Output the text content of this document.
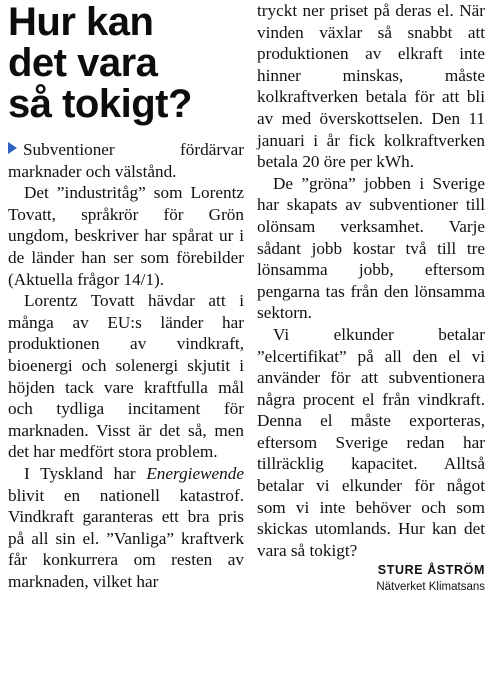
Hur kan
det vara
så tokigt?
Subventioner fördärvar marknader och välstånd.

Det ”industritåg” som Lorentz Tovatt, språkrör för Grön ungdom, beskriver har spårat ur i de länder han ser som förebilder (Aktuella frågor 14/1).

Lorentz Tovatt hävdar att i många av EU:s länder har produktionen av vindkraft, bioenergi och solenergi skjutit i höjden tack vare kraftfulla mål och tydliga incitament för marknaden. Visst är det så, men det har medfört stora problem.

I Tyskland har Energiewende blivit en nationell katastrof. Vindkraft garanteras ett bra pris på all sin el. ”Vanliga” kraftverk får konkurrera om resten av marknaden, vilket har

tryckt ner priset på deras el. När vinden växlar så snabbt att produktionen av elkraft inte hinner minskas, måste kolkraftverken betala för att bli av med överskottselen. Den 11 januari i år fick kolkraftverken betala 20 öre per kWh.

De ”gröna” jobben i Sverige har skapats av subventioner till olönsam verksamhet. Varje sådant jobb kostar två till tre lönsamma jobb, eftersom pengarna tas från den lönsamma sektorn.

Vi elkunder betalar ”elcertifikat” på all den el vi använder för att subventionera några procent el från vindkraft. Denna el måste exporteras, eftersom Sverige redan har tillräcklig kapacitet. Alltså betalar vi elkunder för något som vi inte behöver och som skickas utomlands. Hur kan det vara så tokigt?

STURE ÅSTRÖM
Nätverket Klimatsans
